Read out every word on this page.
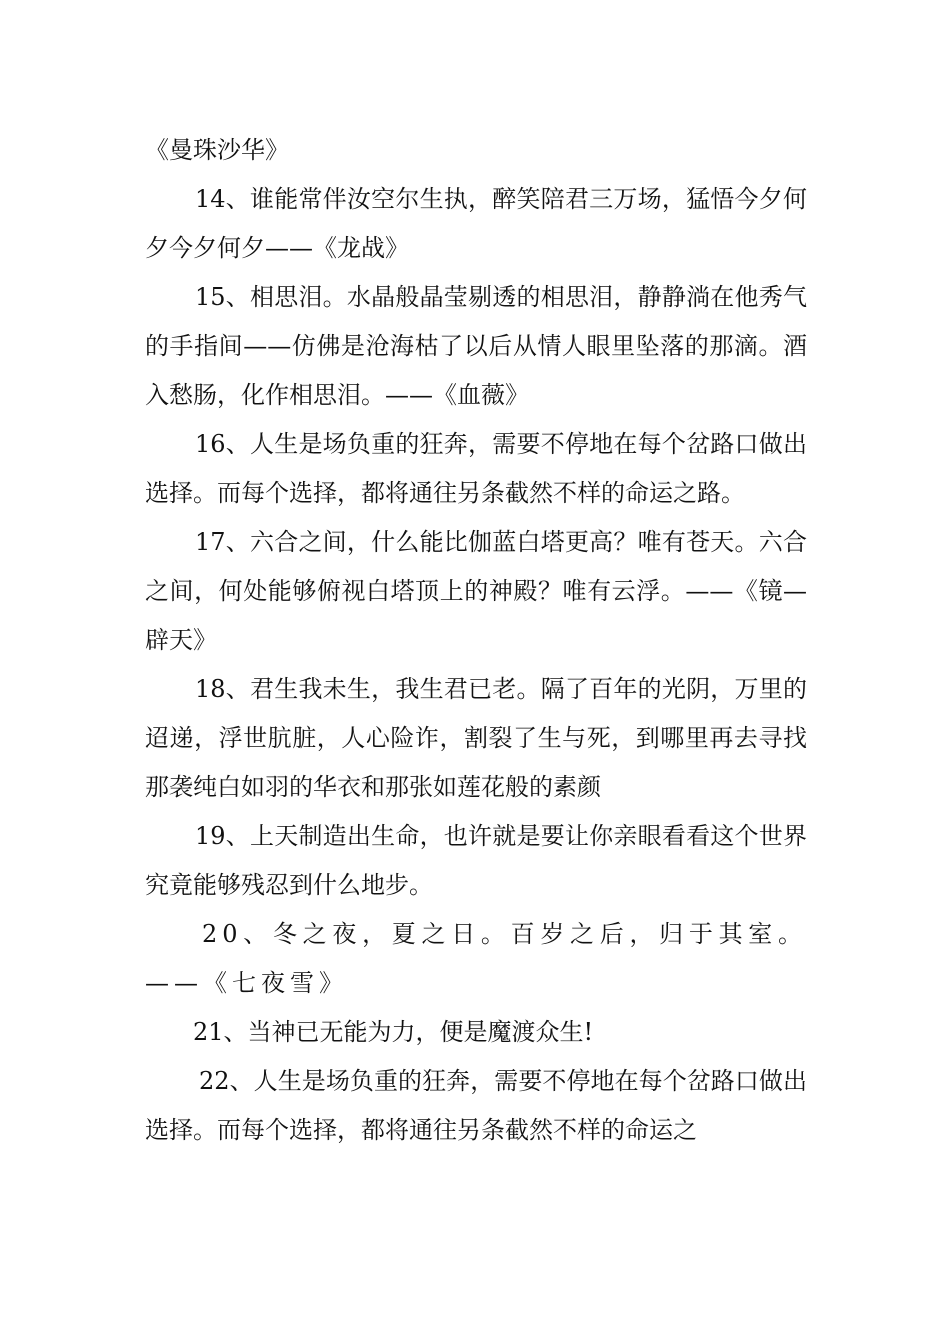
《曼珠沙华》

14、谁能常伴汝空尔生执，醉笑陪君三万场，猛悟今夕何夕今夕何夕——《龙战》

15、相思泪。水晶般晶莹剔透的相思泪，静静淌在他秀气的手指间——仿佛是沧海枯了以后从情人眼里坠落的那滴。酒入愁肠，化作相思泪。——《血薇》

16、人生是场负重的狂奔，需要不停地在每个岔路口做出选择。而每个选择，都将通往另条截然不样的命运之路。

17、六合之间，什么能比伽蓝白塔更高？唯有苍天。六合之间，何处能够俯视白塔顶上的神殿？唯有云浮。——《镜—辟天》

18、君生我未生，我生君已老。隔了百年的光阴，万里的迢递，浮世肮脏，人心险诈，割裂了生与死，到哪里再去寻找那袭纯白如羽的华衣和那张如莲花般的素颜

19、上天制造出生命，也许就是要让你亲眼看看这个世界究竟能够残忍到什么地步。

20、冬之夜，夏之日。百岁之后，归于其室。——《七夜雪》

21、当神已无能为力，便是魔渡众生!

22、人生是场负重的狂奔，需要不停地在每个岔路口做出选择。而每个选择，都将通往另条截然不样的命运之
